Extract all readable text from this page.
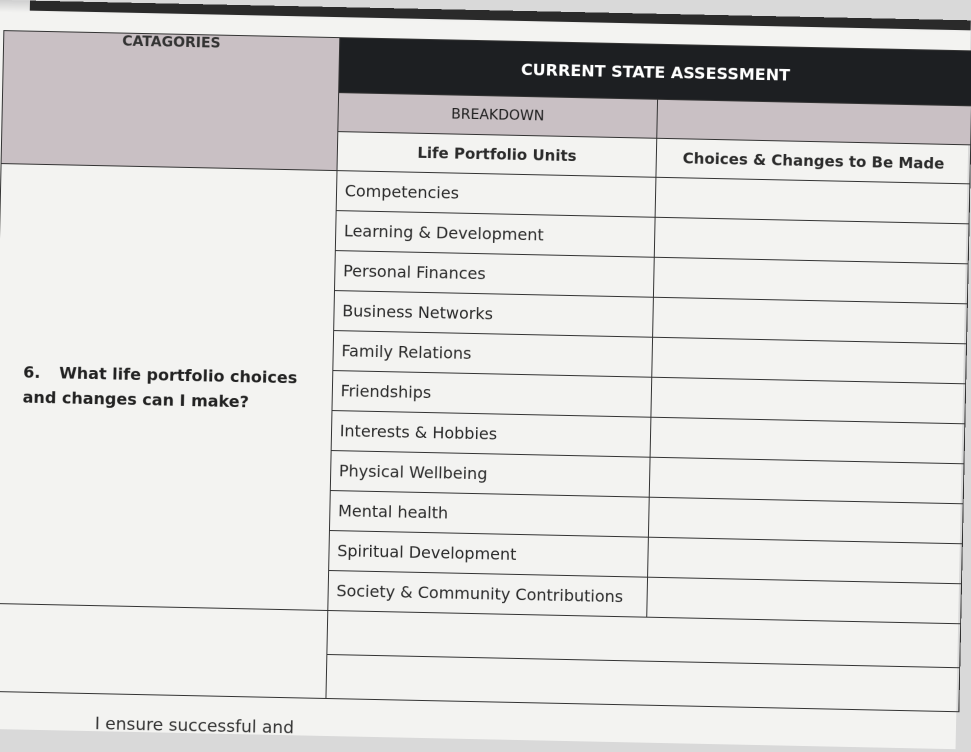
CATAGORIES	CURRENT STATE ASSESSMENT	
	BREAKDOWN	
	Life Portfolio Units	Choices & Changes to Be Made
6. What life portfolio choices and changes can I make?	Competencies	
	Learning & Development	
	Personal Finances	
	Business Networks	
	Family Relations	
	Friendships	
	Interests & Hobbies	
	Physical Wellbeing	
	Mental health	
	Spiritual Development	
	Society & Community Contributions	

I ensure successful and
